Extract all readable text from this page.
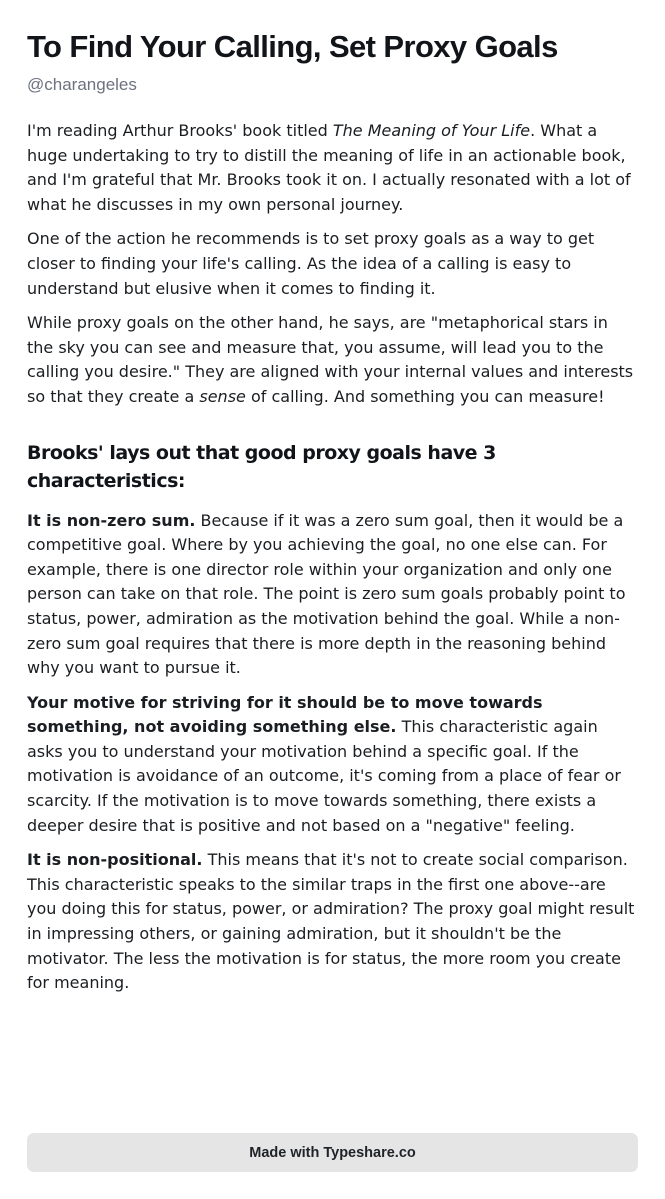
To Find Your Calling, Set Proxy Goals
@charangeles

I'm reading Arthur Brooks' book titled The Meaning of Your Life. What a huge undertaking to try to distill the meaning of life in an actionable book, and I'm grateful that Mr. Brooks took it on. I actually resonated with a lot of what he discusses in my own personal journey.

One of the action he recommends is to set proxy goals as a way to get closer to finding your life's calling. As the idea of a calling is easy to understand but elusive when it comes to finding it.

While proxy goals on the other hand, he says, are "metaphorical stars in the sky you can see and measure that, you assume, will lead you to the calling you desire." They are aligned with your internal values and interests so that they create a sense of calling. And something you can measure!

Brooks' lays out that good proxy goals have 3 characteristics:

It is non-zero sum. Because if it was a zero sum goal, then it would be a competitive goal. Where by you achieving the goal, no one else can. For example, there is one director role within your organization and only one person can take on that role. The point is zero sum goals probably point to status, power, admiration as the motivation behind the goal. While a non-zero sum goal requires that there is more depth in the reasoning behind why you want to pursue it.

Your motive for striving for it should be to move towards something, not avoiding something else. This characteristic again asks you to understand your motivation behind a specific goal. If the motivation is avoidance of an outcome, it's coming from a place of fear or scarcity. If the motivation is to move towards something, there exists a deeper desire that is positive and not based on a "negative" feeling.

It is non-positional. This means that it's not to create social comparison. This characteristic speaks to the similar traps in the first one above--are you doing this for status, power, or admiration? The proxy goal might result in impressing others, or gaining admiration, but it shouldn't be the motivator. The less the motivation is for status, the more room you create for meaning.

Made with Typeshare.co
